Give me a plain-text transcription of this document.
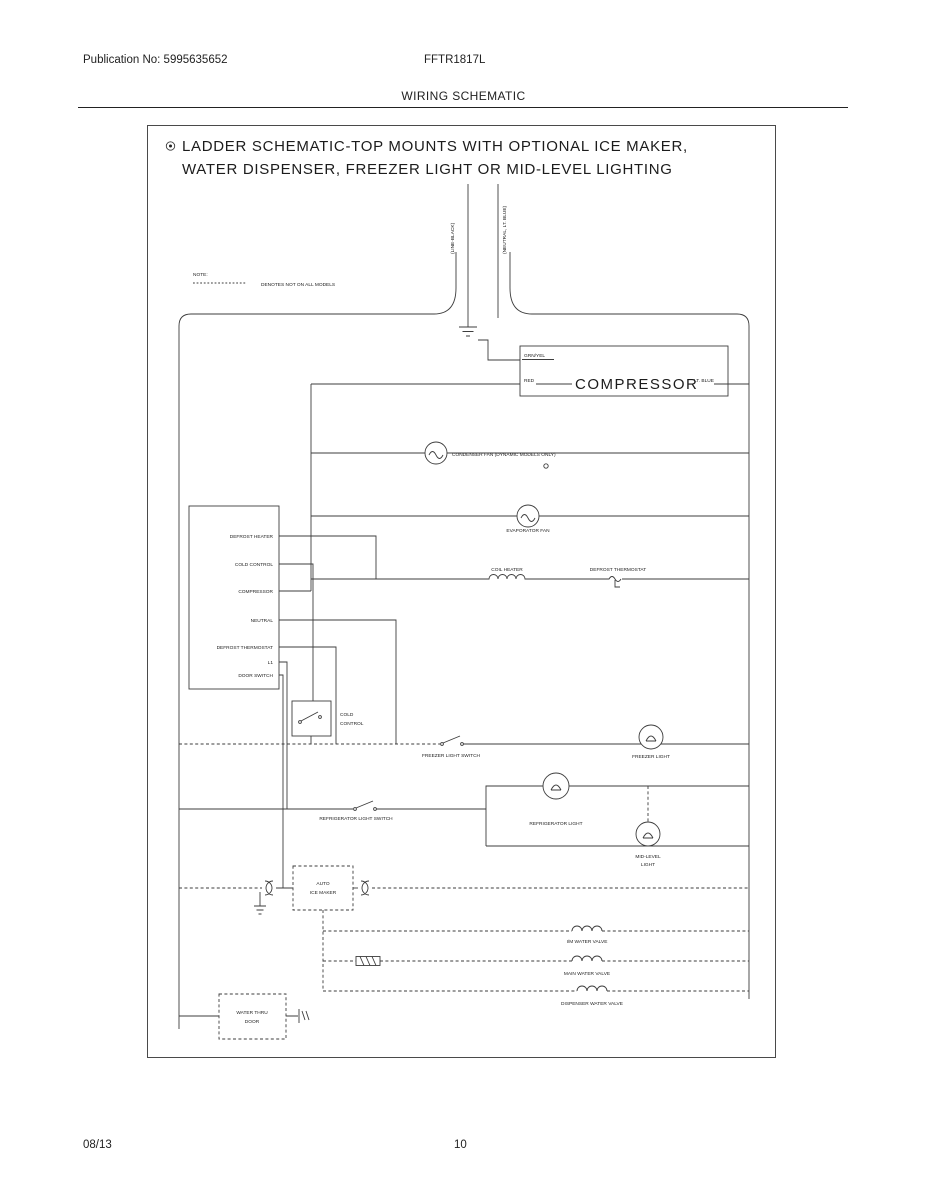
Publication No: 5995635652	FFTR1817L
WIRING SCHEMATIC
LADDER SCHEMATIC-TOP MOUNTS WITH OPTIONAL ICE MAKER,
WATER DISPENSER, FREEZER LIGHT OR MID-LEVEL LIGHTING
NOTE:
DENOTES NOT ON ALL MODELS
(LINE-BLACK)	(NEUTRAL, LT. BLUE)
GRN/YEL
RED	COMPRESSOR
LT. BLUE
CONDENSER FAN (DYNAMIC MODELS ONLY)
EVAPORATOR FAN
COIL HEATER	DEFROST THERMOSTAT
DEFROST HEATER
COLD CONTROL
COMPRESSOR
NEUTRAL
DEFROST THERMOSTAT
L1
DOOR SWITCH
COLD
CONTROL
FREEZER LIGHT SWITCH	FREEZER LIGHT
REFRIGERATOR LIGHT SWITCH
REFRIGERATOR LIGHT
MID-LEVEL
LIGHT
AUTO
ICE MAKER
I/M WATER VALVE
MAIN WATER VALVE
DISPENSER WATER VALVE
WATER THRU
DOOR
08/13	10
